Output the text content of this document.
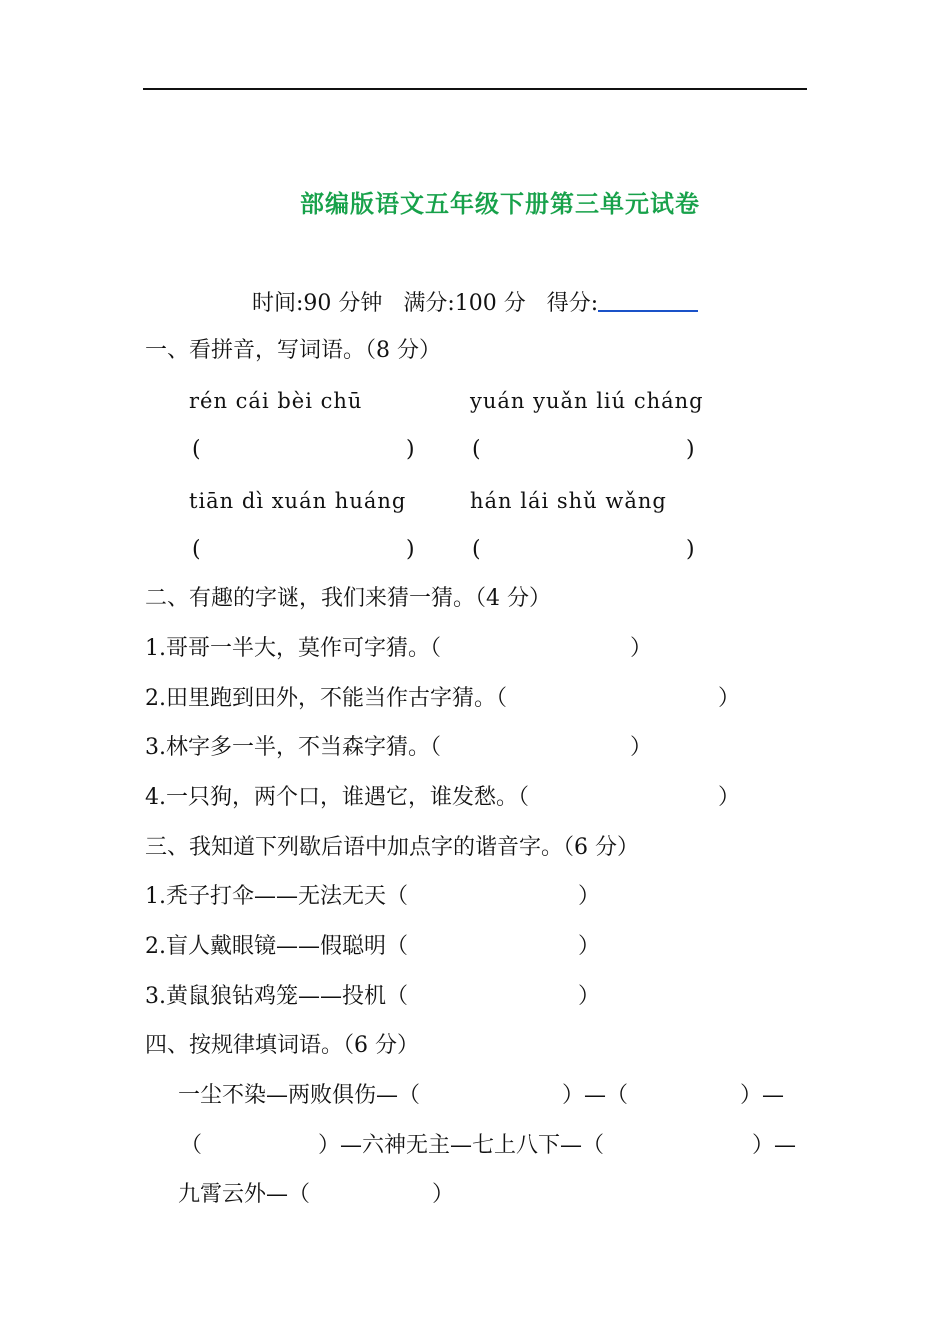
部编版语文五年级下册第三单元试卷
时间:90 分钟 满分:100 分 得分:
一、看拼音，写词语。（8 分）
rén cái bèi chū	yuán yuǎn liú cháng
(	)	(	)
tiān dì xuán huáng	hán lái shǔ wǎng
(	)	(	)
二、有趣的字谜，我们来猜一猜。（4 分）
1.哥哥一半大，莫作可字猜。（	）
2.田里跑到田外，不能当作古字猜。（	）
3.林字多一半，不当森字猜。（	）
4.一只狗，两个口，谁遇它，谁发愁。（	）
三、我知道下列歇后语中加点字的谐音字。（6 分）
1.秃子打伞——无法无天（	）
2.盲人戴眼镜——假聪明（	）
3.黄鼠狼钻鸡笼——投机（	）
四、按规律填词语。（6 分）
一尘不染—两败俱伤—（	）—（	）—
（	）—六神无主—七上八下—（	）—
九霄云外—（	）
